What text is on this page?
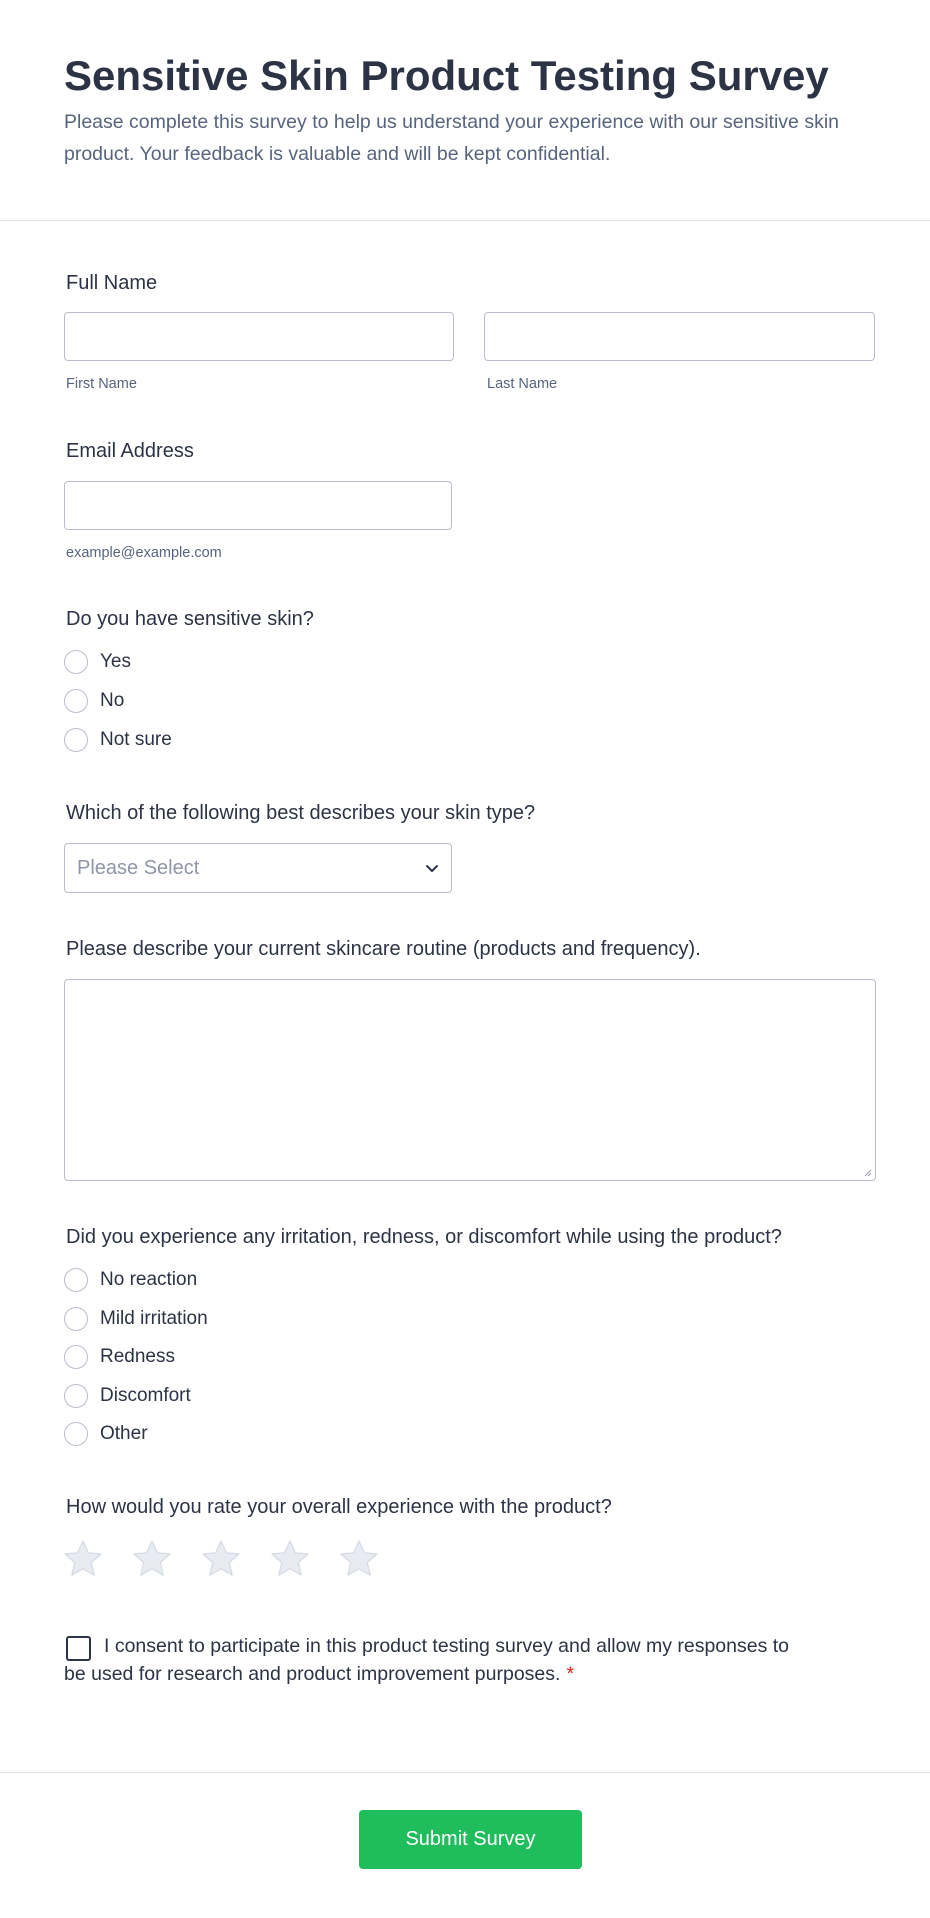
Sensitive Skin Product Testing Survey

Please complete this survey to help us understand your experience with our sensitive skin product. Your feedback is valuable and will be kept confidential.

Full Name
First Name	Last Name
Email Address
example@example.com
Do you have sensitive skin?
Yes
No
Not sure
Which of the following best describes your skin type?
Please Select
Please describe your current skincare routine (products and frequency).
Did you experience any irritation, redness, or discomfort while using the product?
No reaction
Mild irritation
Redness
Discomfort
Other
How would you rate your overall experience with the product?

I consent to participate in this product testing survey and allow my responses to be used for research and product improvement purposes. *

Submit Survey
